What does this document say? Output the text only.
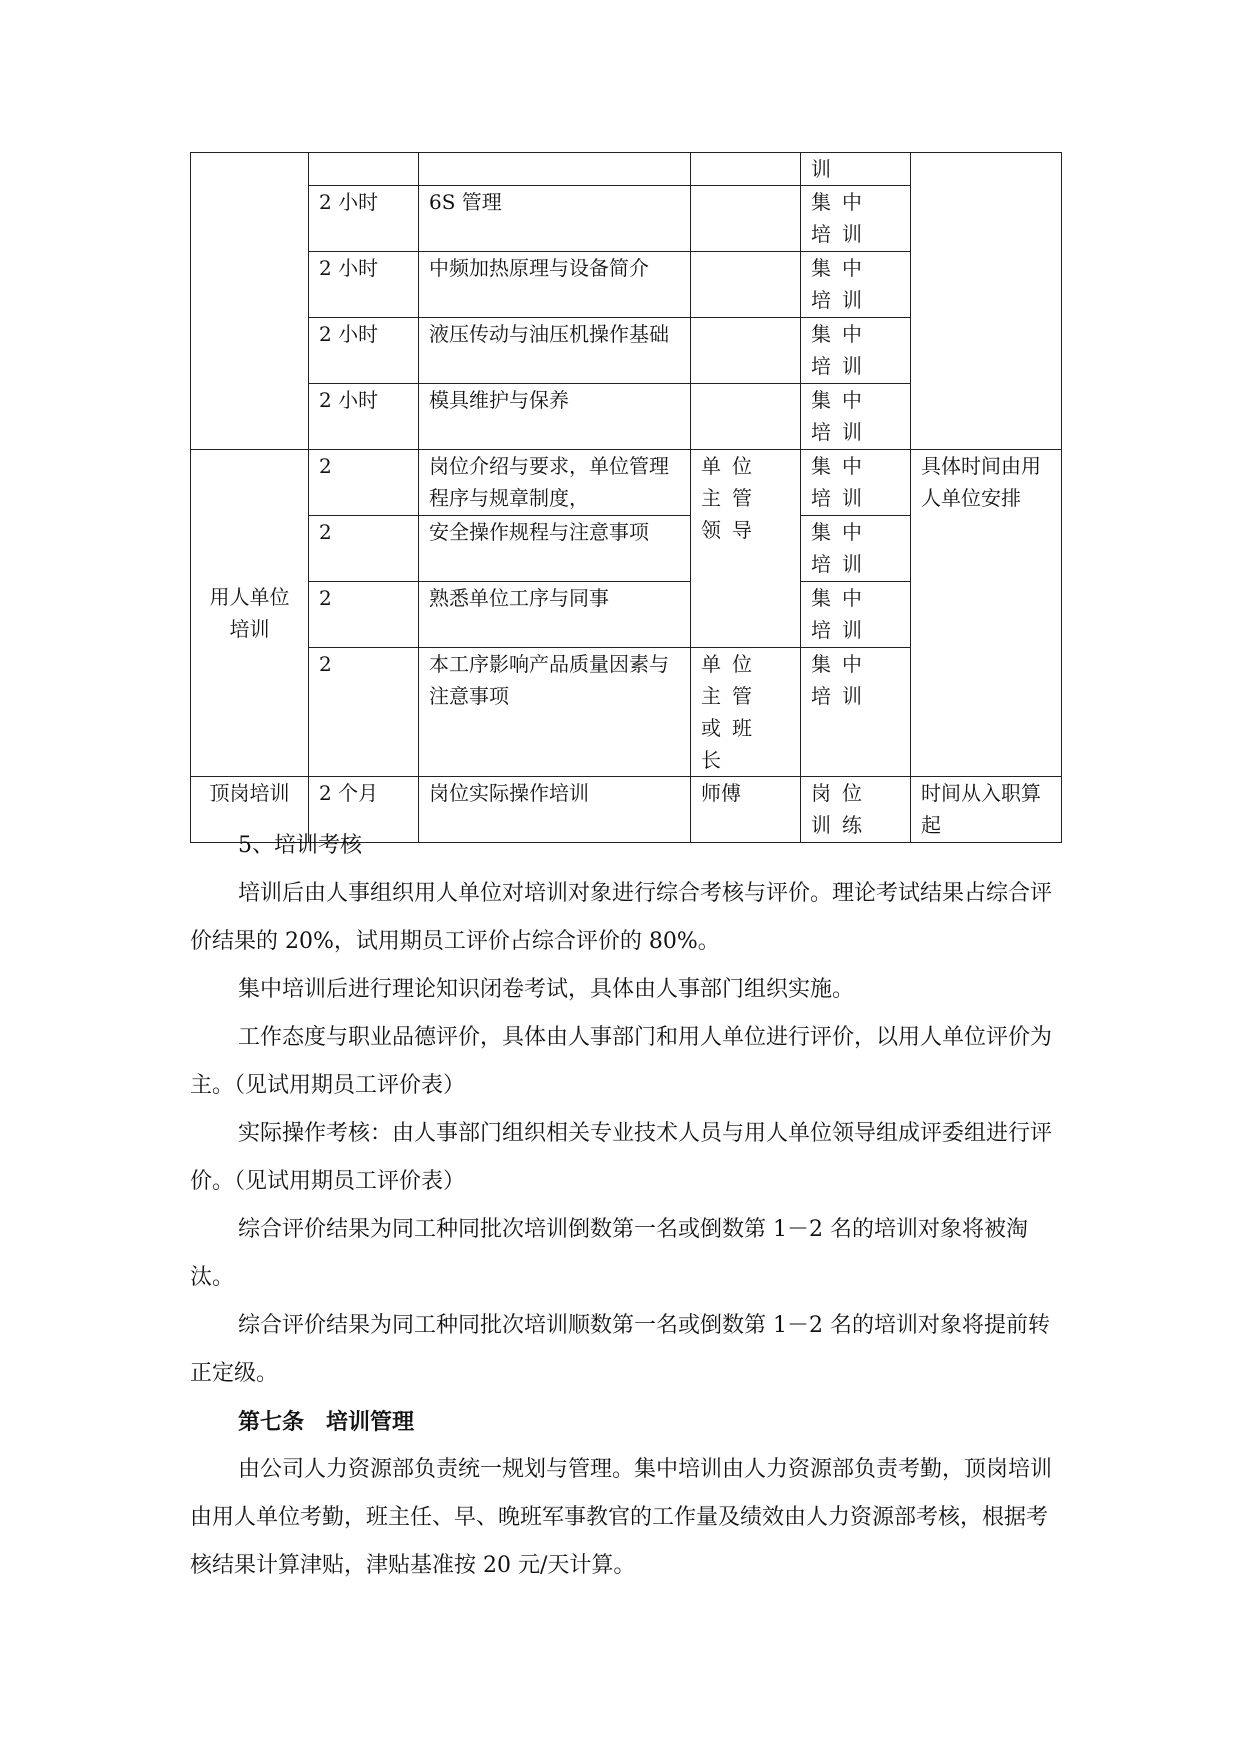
				训	
	2 小时	6S 管理		集中培训	
	2 小时	中频加热原理与设备简介		集中培训	
	2 小时	液压传动与油压机操作基础		集中培训	
	2 小时	模具维护与保养		集中培训	
用人单位培训	2	岗位介绍与要求，单位管理程序与规章制度，	单位主管领导	集中培训	具体时间由用人单位安排
	2	安全操作规程与注意事项		集中培训	
	2	熟悉单位工序与同事		集中培训	
	2	本工序影响产品质量因素与注意事项	单位主管或班长	集中培训	
顶岗培训	2 个月	岗位实际操作培训	师傅	岗位训练	时间从入职算起

5、培训考核

培训后由人事组织用人单位对培训对象进行综合考核与评价。理论考试结果占综合评价结果的 20%，试用期员工评价占综合评价的 80%。

集中培训后进行理论知识闭卷考试，具体由人事部门组织实施。

工作态度与职业品德评价，具体由人事部门和用人单位进行评价，以用人单位评价为主。（见试用期员工评价表）

实际操作考核：由人事部门组织相关专业技术人员与用人单位领导组成评委组进行评价。（见试用期员工评价表）

综合评价结果为同工种同批次培训倒数第一名或倒数第 1－2 名的培训对象将被淘汰。

综合评价结果为同工种同批次培训顺数第一名或倒数第 1－2 名的培训对象将提前转正定级。

第七条　培训管理

由公司人力资源部负责统一规划与管理。集中培训由人力资源部负责考勤，顶岗培训由用人单位考勤，班主任、早、晚班军事教官的工作量及绩效由人力资源部考核，根据考核结果计算津贴，津贴基准按 20 元/天计算。
